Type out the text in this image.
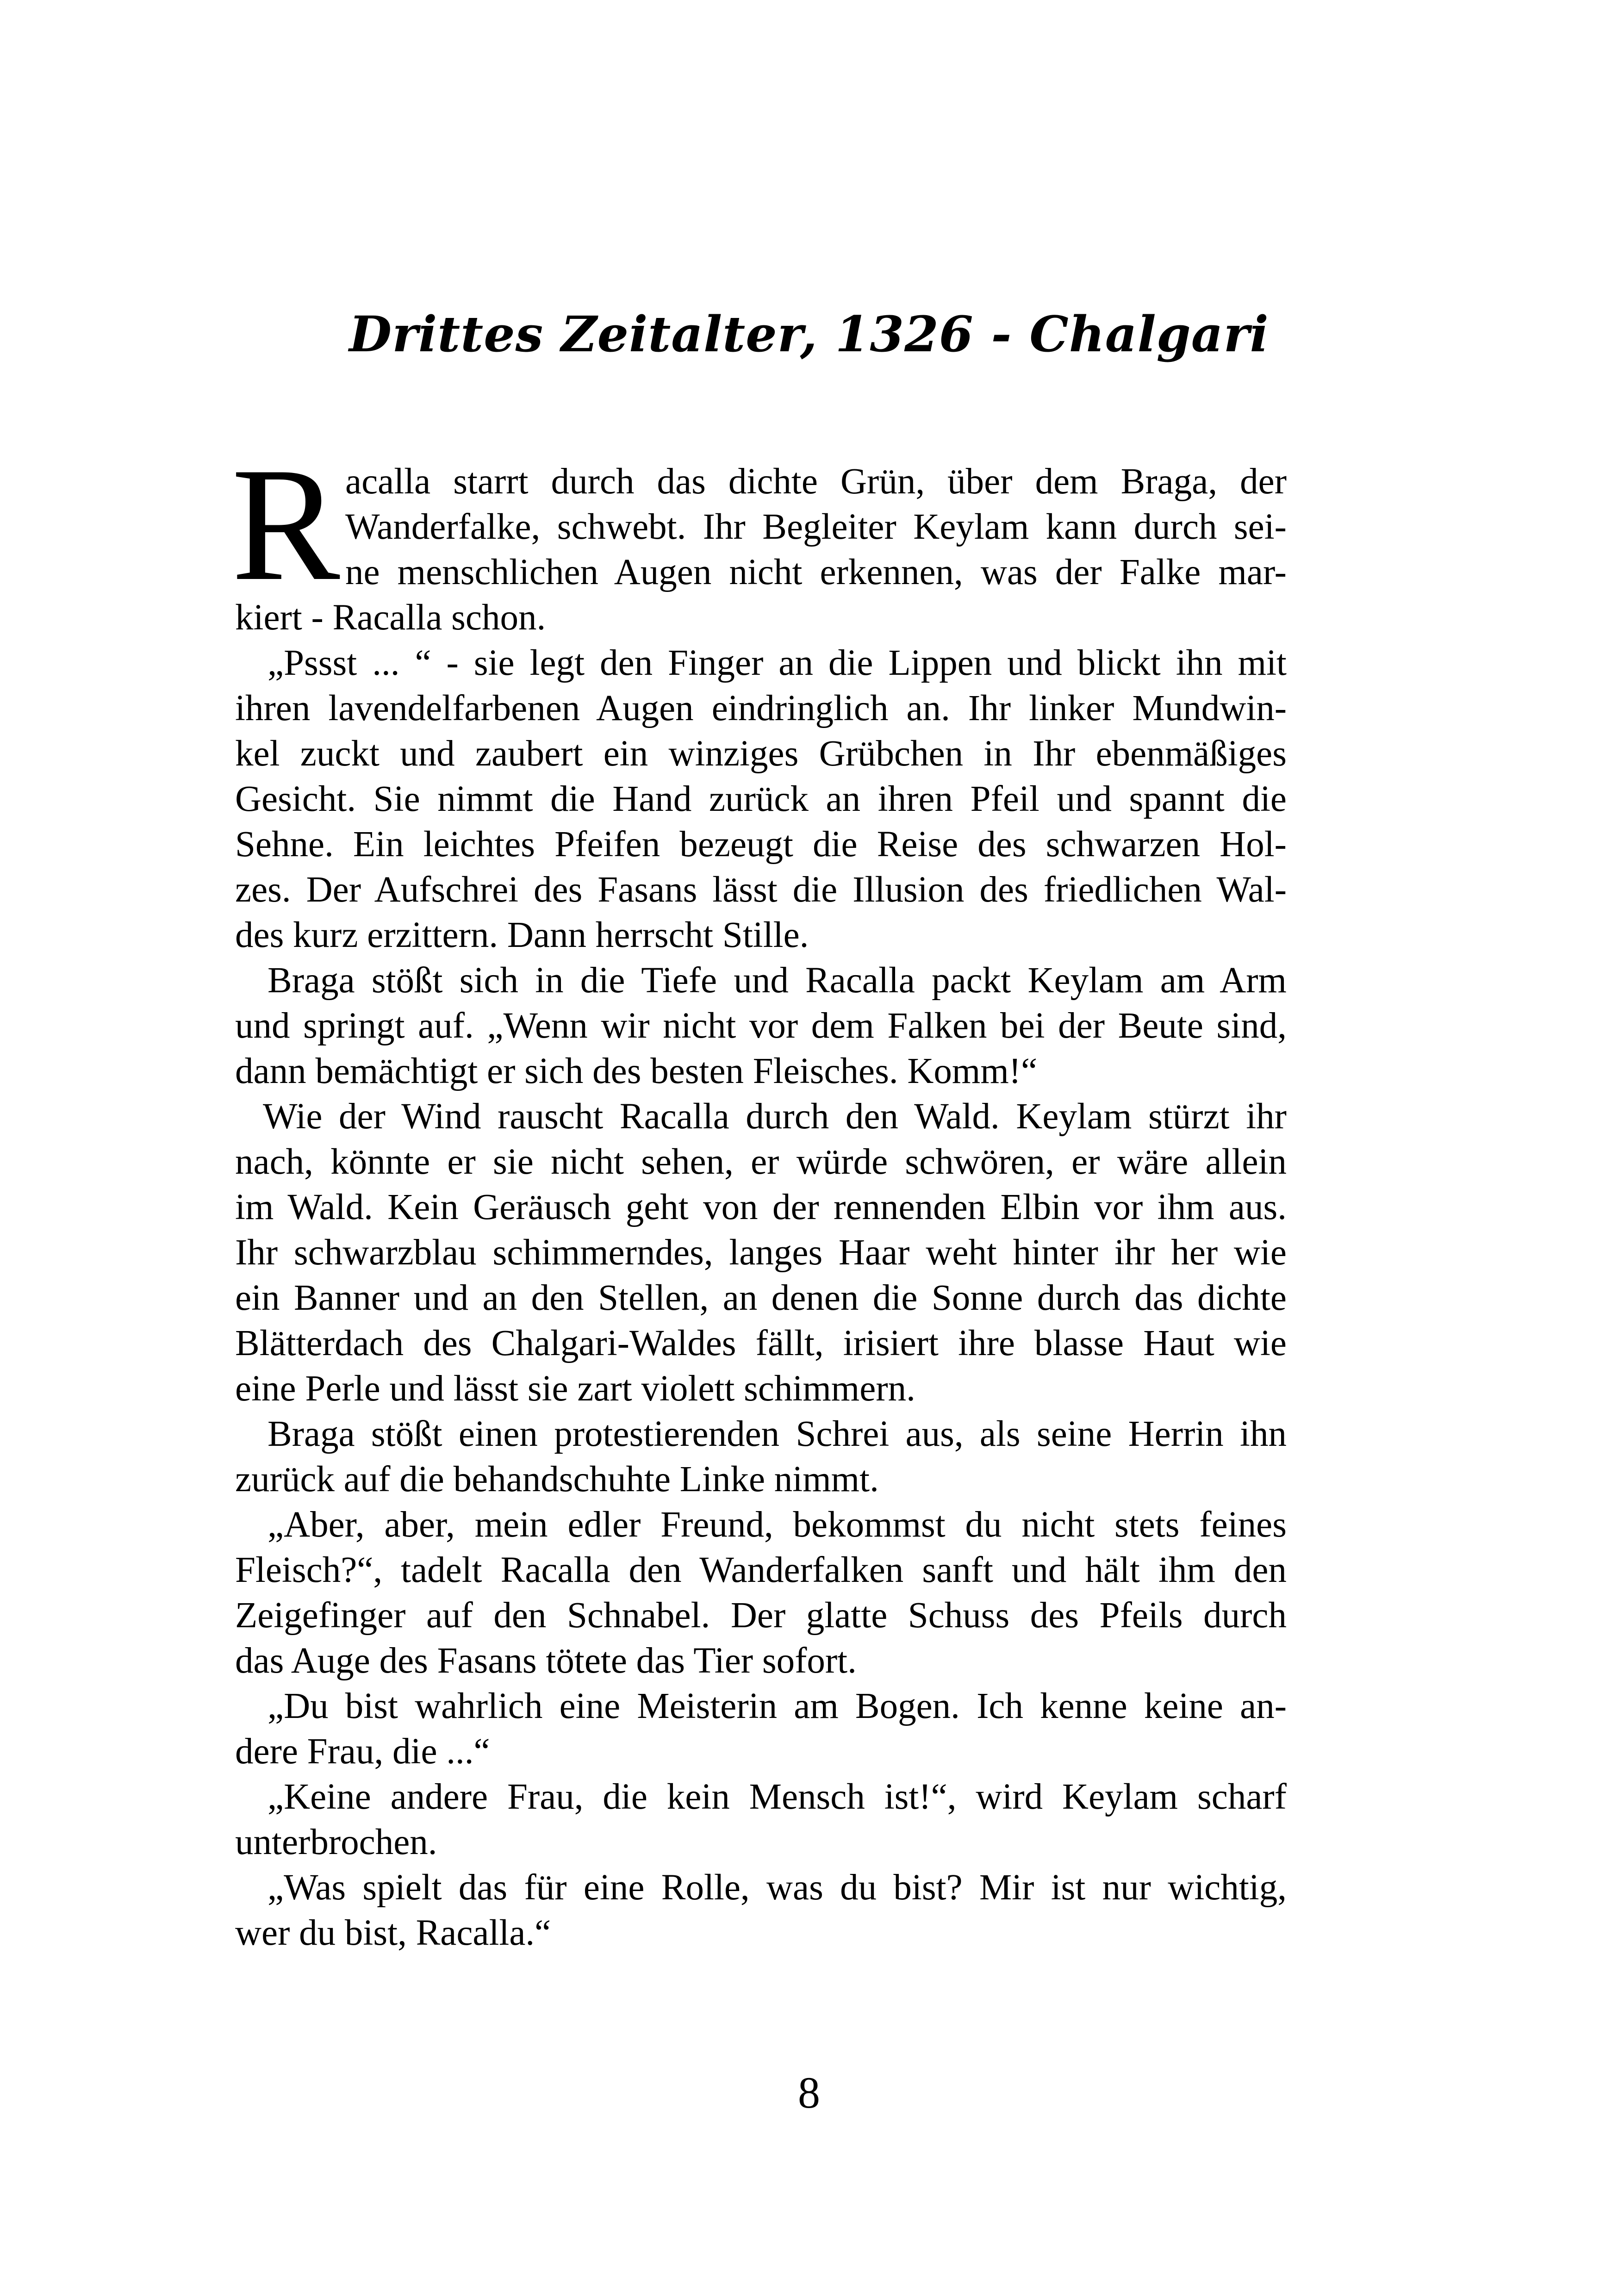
Drittes Zeitalter, 1326 - Chalgari
R acalla starrt durch das dichte Grün, über dem Braga, der
Wanderfalke, schwebt. Ihr Begleiter Keylam kann durch sei-
ne menschlichen Augen nicht erkennen, was der Falke mar-
kiert - Racalla schon.
„Pssst ... “ - sie legt den Finger an die Lippen und blickt ihn mit
ihren lavendelfarbenen Augen eindringlich an. Ihr linker Mundwin-
kel zuckt und zaubert ein winziges Grübchen in Ihr ebenmäßiges
Gesicht. Sie nimmt die Hand zurück an ihren Pfeil und spannt die
Sehne. Ein leichtes Pfeifen bezeugt die Reise des schwarzen Hol-
zes. Der Aufschrei des Fasans lässt die Illusion des friedlichen Wal-
des kurz erzittern. Dann herrscht Stille.
Braga stößt sich in die Tiefe und Racalla packt Keylam am Arm
und springt auf. „Wenn wir nicht vor dem Falken bei der Beute sind,
dann bemächtigt er sich des besten Fleisches. Komm!“
Wie der Wind rauscht Racalla durch den Wald. Keylam stürzt ihr
nach, könnte er sie nicht sehen, er würde schwören, er wäre allein
im Wald. Kein Geräusch geht von der rennenden Elbin vor ihm aus.
Ihr schwarzblau schimmerndes, langes Haar weht hinter ihr her wie
ein Banner und an den Stellen, an denen die Sonne durch das dichte
Blätterdach des Chalgari-Waldes fällt, irisiert ihre blasse Haut wie
eine Perle und lässt sie zart violett schimmern.
Braga stößt einen protestierenden Schrei aus, als seine Herrin ihn
zurück auf die behandschuhte Linke nimmt.
„Aber, aber, mein edler Freund, bekommst du nicht stets feines
Fleisch?“, tadelt Racalla den Wanderfalken sanft und hält ihm den
Zeigefinger auf den Schnabel. Der glatte Schuss des Pfeils durch
das Auge des Fasans tötete das Tier sofort.
„Du bist wahrlich eine Meisterin am Bogen. Ich kenne keine an-
dere Frau, die ...“
„Keine andere Frau, die kein Mensch ist!“, wird Keylam scharf
unterbrochen.
„Was spielt das für eine Rolle, was du bist? Mir ist nur wichtig,
wer du bist, Racalla.“
8
